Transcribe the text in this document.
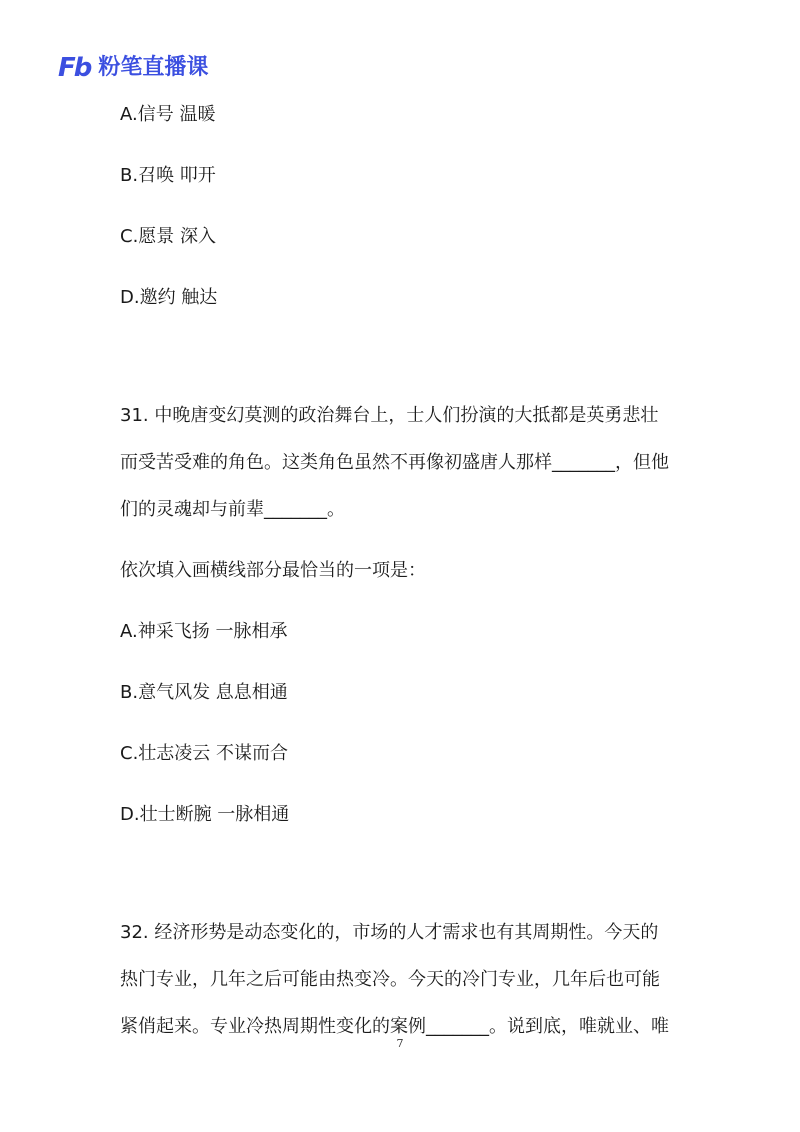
Fb 粉笔直播课
A.信号 温暖
B.召唤 叩开
C.愿景 深入
D.邀约 触达
31. 中晚唐变幻莫测的政治舞台上，士人们扮演的大抵都是英勇悲壮
而受苦受难的角色。这类角色虽然不再像初盛唐人那样_______，但他
们的灵魂却与前辈_______。
依次填入画横线部分最恰当的一项是：
A.神采飞扬 一脉相承
B.意气风发 息息相通
C.壮志凌云 不谋而合
D.壮士断腕 一脉相通
32. 经济形势是动态变化的，市场的人才需求也有其周期性。今天的
热门专业，几年之后可能由热变冷。今天的冷门专业，几年后也可能
紧俏起来。专业冷热周期性变化的案例_______。说到底，唯就业、唯
7
